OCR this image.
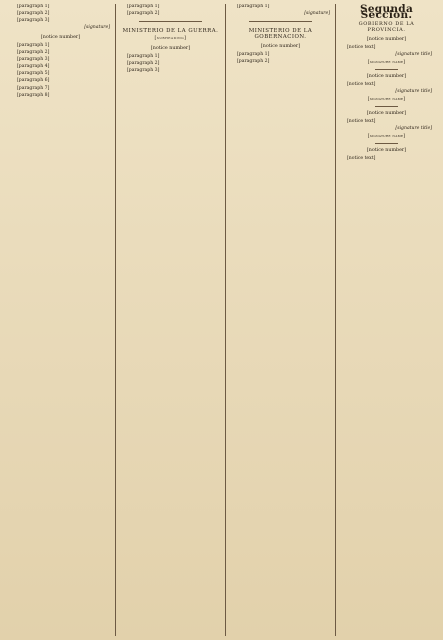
[paragraph 1]

[paragraph 2]

[paragraph 3]

[signature]

[notice number]

[paragraph 1]

[paragraph 2]

[paragraph 3]

[paragraph 4]

[paragraph 5]

[paragraph 6]

[paragraph 7]

[paragraph 8]

[paragraph 1]

[paragraph 2]

MINISTERIO DE LA GUERRA.
[subheading]
[notice number]

[paragraph 1]

[paragraph 2]

[paragraph 3]

[paragraph 1]

[signature]

MINISTERIO DE LA GOBERNACION.
[notice number]

[paragraph 1]

[paragraph 2]

Segunda Seccion.
GOBIERNO DE LA PROVINCIA.
[notice number]

[notice text]

[signature title]

[signature name]

[notice number]

[notice text]

[signature title]

[signature name]

[notice number]

[notice text]

[signature title]

[signature name]

[notice number]

[notice text]
